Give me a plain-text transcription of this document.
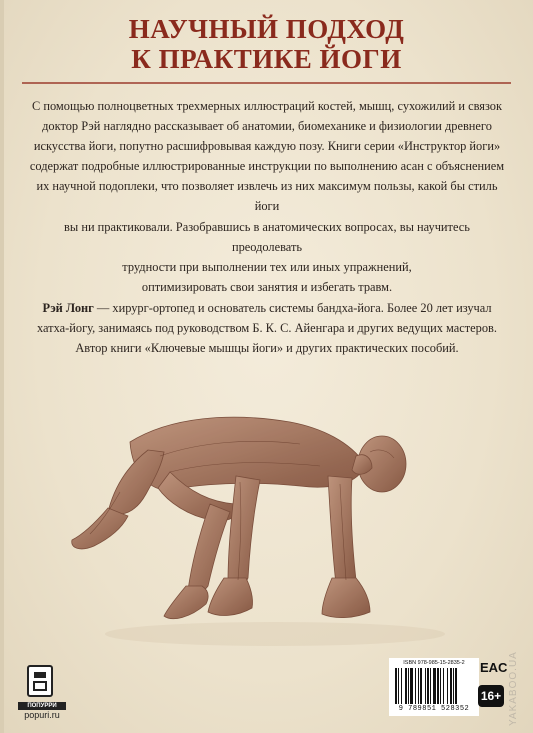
НАУЧНЫЙ ПОДХОД
К ПРАКТИКЕ ЙОГИ
С помощью полноцветных трехмерных иллюстраций костей, мышц, сухожилий и связок
доктор Рэй наглядно рассказывает об анатомии, биомеханике и физиологии древнего
искусства йоги, попутно расшифровывая каждую позу. Книги серии «Инструктор йоги»
содержат подробные иллюстрированные инструкции по выполнению асан с объяснением
их научной подоплеки, что позволяет извлечь из них максимум пользы, какой бы стиль йоги
вы ни практиковали. Разобравшись в анатомических вопросах, вы научитесь преодолевать
трудности при выполнении тех или иных упражнений,
оптимизировать свои занятия и избегать травм.
Рэй Лонг — хирург-ортопед и основатель системы бандха-йога. Более 20 лет изучал
хатха-йогу, занимаясь под руководством Б. К. С. Айенгара и других ведущих мастеров.
Автор книги «Ключевые мышцы йоги» и других практических пособий.
ПОПУРРИ
popuri.ru
ISBN 978-985-15-2835-2
9 789851 528352
EAC
16+ YAKABOO.UA
